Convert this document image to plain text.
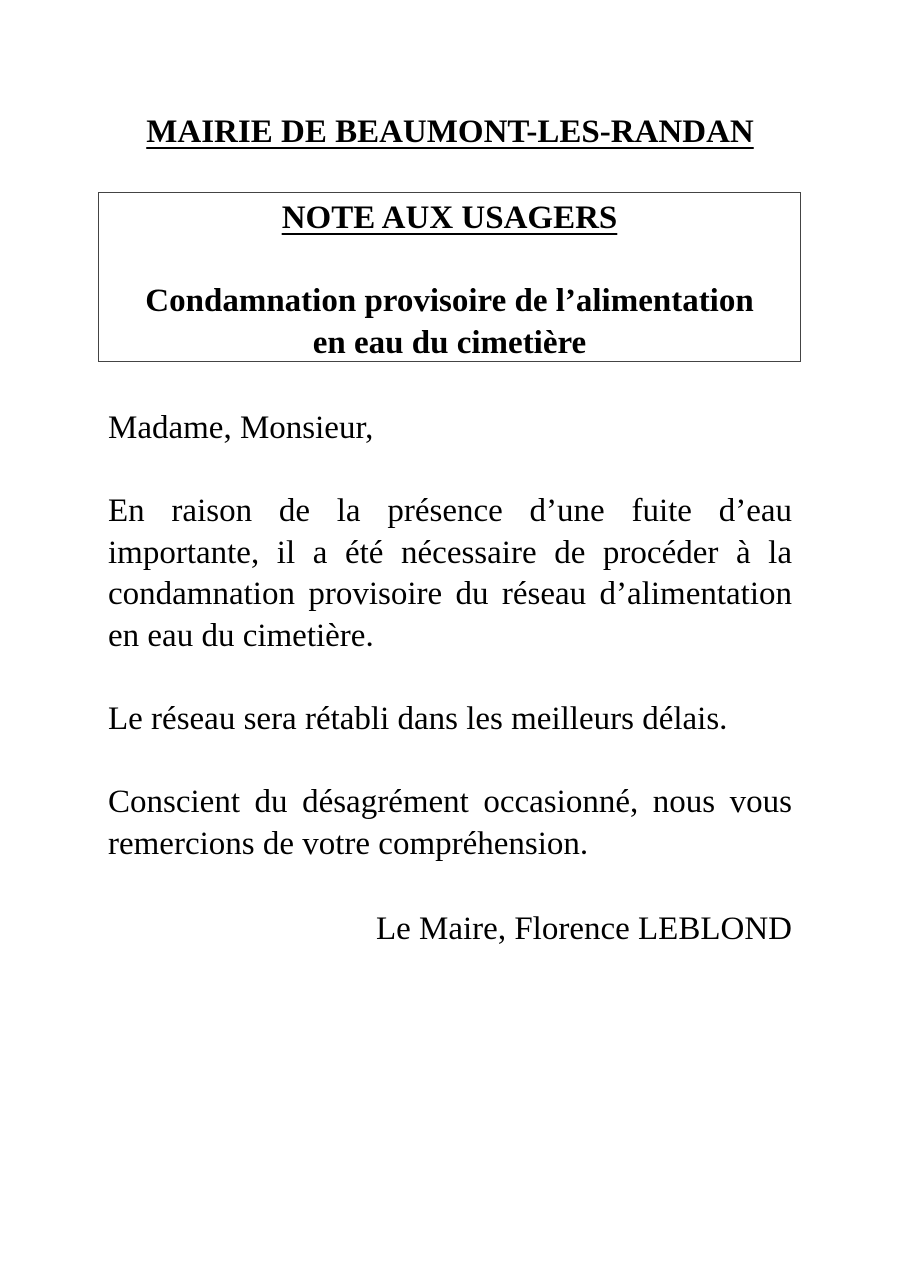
MAIRIE DE BEAUMONT-LES-RANDAN
NOTE AUX USAGERS
Condamnation provisoire de l’alimentation
en eau du cimetière

Madame, Monsieur,

En raison de la présence d’une fuite d’eau importante, il a été nécessaire de procéder à la condamnation provisoire du réseau d’alimentation en eau du cimetière.

Le réseau sera rétabli dans les meilleurs délais.

Conscient du désagrément occasionné, nous vous remercions de votre compréhension.

Le Maire, Florence LEBLOND
